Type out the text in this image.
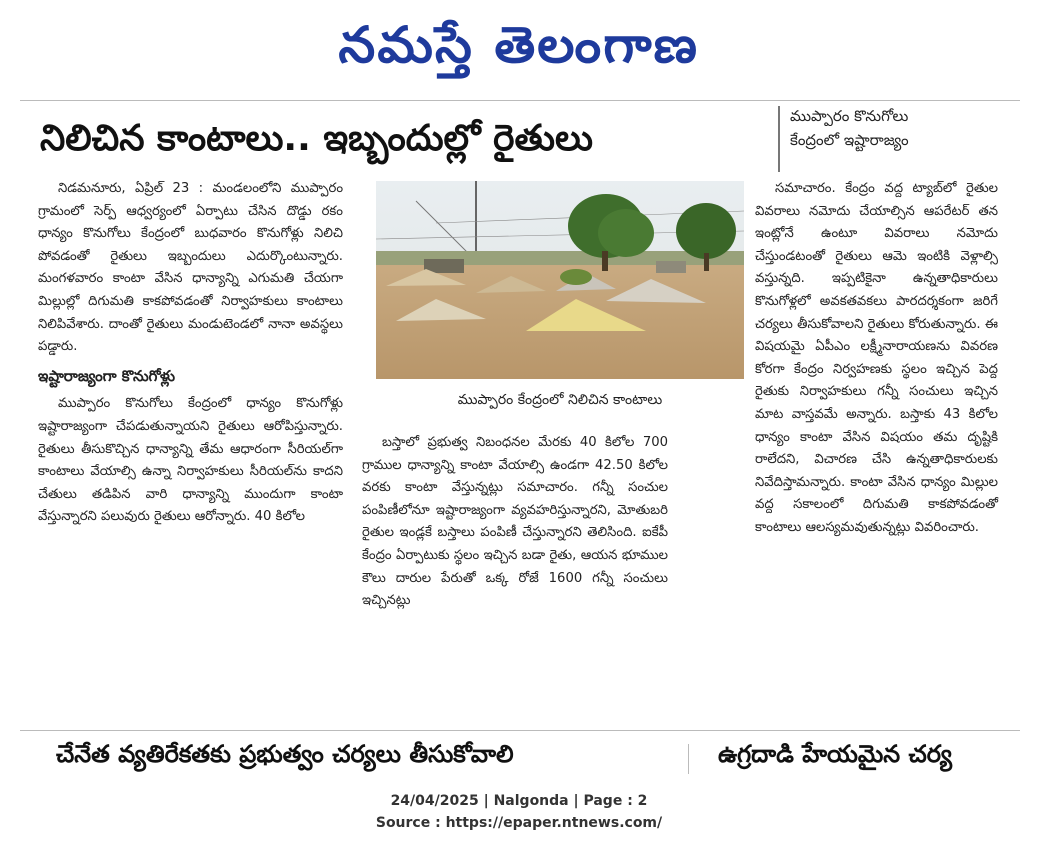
నమస్తే తెలంగాణ
నిలిచిన కాంటాలు.. ఇబ్బందుల్లో రైతులు
ముప్పారం కొనుగోలు
కేంద్రంలో ఇష్టారాజ్యం

నిడమనూరు, ఏప్రిల్ 23 : మండలంలోని ముప్పారం గ్రామంలో సెర్ప్ ఆధ్వర్యంలో ఏర్పాటు చేసిన దొడ్డు రకం ధాన్యం కొనుగోలు కేంద్రంలో బుధవారం కొనుగోళ్లు నిలిచి పోవడంతో రైతులు ఇబ్బందులు ఎదుర్కొంటున్నారు. మంగళవారం కాంటా వేసిన ధాన్యాన్ని ఎగుమతి చేయగా మిల్లుల్లో దిగుమతి కాకపోవడంతో నిర్వాహకులు కాంటాలు నిలిపివేశారు. దాంతో రైతులు మండుటెండలో నానా అవస్థలు పడ్డారు.

ఇష్టారాజ్యంగా కొనుగోళ్లు

ముప్పారం కొనుగోలు కేంద్రంలో ధాన్యం కొనుగోళ్లు ఇష్టారాజ్యంగా చేపడుతున్నాయని రైతులు ఆరోపిస్తున్నారు. రైతులు తీసుకొచ్చిన ధాన్యాన్ని తేమ ఆధారంగా సీరియల్‌గా కాంటాలు వేయాల్సి ఉన్నా నిర్వాహకులు సీరియల్‌ను కాదని చేతులు తడిపిన వారి ధాన్యాన్ని ముందుగా కాంటా వేస్తున్నారని పలువురు రైతులు ఆరోన్నారు. 40 కిలోల

ముప్పారం కేంద్రంలో నిలిచిన కాంటాలు

బస్తాలో ప్రభుత్వ నిబంధనల మేరకు 40 కిలోల 700 గ్రాముల ధాన్యాన్ని కాంటా వేయాల్సి ఉండగా 42.50 కిలోల వరకు కాంటా వేస్తున్నట్లు సమాచారం. గన్నీ సంచుల పంపిణీలోనూ ఇష్టారాజ్యంగా వ్యవహరిస్తున్నారని, మోతుబరి రైతుల ఇండ్లకే బస్తాలు పంపిణీ చేస్తున్నారని తెలిసింది. ఐకేపీ కేంద్రం ఏర్పాటుకు స్థలం ఇచ్చిన బడా రైతు, ఆయన భూముల కౌలు దారుల పేరుతో ఒక్క రోజే 1600 గన్నీ సంచులు ఇచ్చినట్లు

సమాచారం. కేంద్రం వద్ద ట్యాబ్‌లో రైతుల వివరాలు నమోదు చేయాల్సిన ఆపరేటర్ తన ఇంట్లోనే ఉంటూ వివరాలు నమోదు చేస్తుండటంతో రైతులు ఆమె ఇంటికి వెళ్లాల్సి వస్తున్నది. ఇప్పటికైనా ఉన్నతాధికారులు కొనుగోళ్లలో అవకతవకలు పారదర్శకంగా జరిగే చర్యలు తీసుకోవాలని రైతులు కోరుతున్నారు. ఈ విషయమై ఏపీఎం లక్ష్మీనారాయణను వివరణ కోరగా కేంద్రం నిర్వహణకు స్థలం ఇచ్చిన పెద్ద రైతుకు నిర్వాహకులు గన్నీ సంచులు ఇచ్చిన మాట వాస్తవమే అన్నారు. బస్తాకు 43 కిలోల ధాన్యం కాంటా వేసిన విషయం తమ దృష్టికి రాలేదని, విచారణ చేసి ఉన్నతాధికారులకు నివేదిస్తామన్నారు. కాంటా వేసిన ధాన్యం మిల్లుల వద్ద సకాలంలో దిగుమతి కాకపోవడంతో కాంటాలు ఆలస్యమవుతున్నట్లు వివరించారు.

చేనేత వ్యతిరేకతకు ప్రభుత్వం చర్యలు తీసుకోవాలి	ఉగ్రదాడి హేయమైన చర్య
24/04/2025 | Nalgonda | Page : 2
Source : https://epaper.ntnews.com/
